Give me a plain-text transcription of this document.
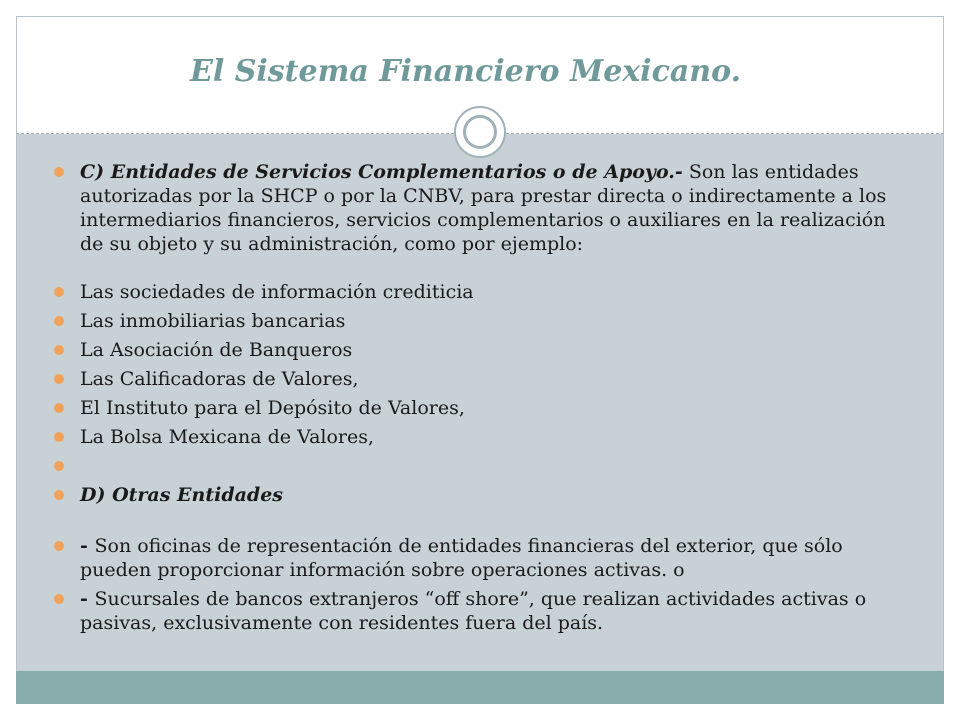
El Sistema Financiero Mexicano.
C) Entidades de Servicios Complementarios o de Apoyo.- Son las entidades autorizadas por la SHCP o por la CNBV, para prestar directa o indirectamente a los intermediarios financieros, servicios complementarios o auxiliares en la realización de su objeto y su administración, como por ejemplo:
Las sociedades de información crediticia
Las inmobiliarias bancarias
La Asociación de Banqueros
Las Calificadoras de Valores,
El Instituto para el Depósito de Valores,
La Bolsa Mexicana de Valores,
D) Otras Entidades
- Son oficinas de representación de entidades financieras del exterior, que sólo pueden proporcionar información sobre operaciones activas. o
- Sucursales de bancos extranjeros “off shore”, que realizan actividades activas o pasivas, exclusivamente con residentes fuera del país.
